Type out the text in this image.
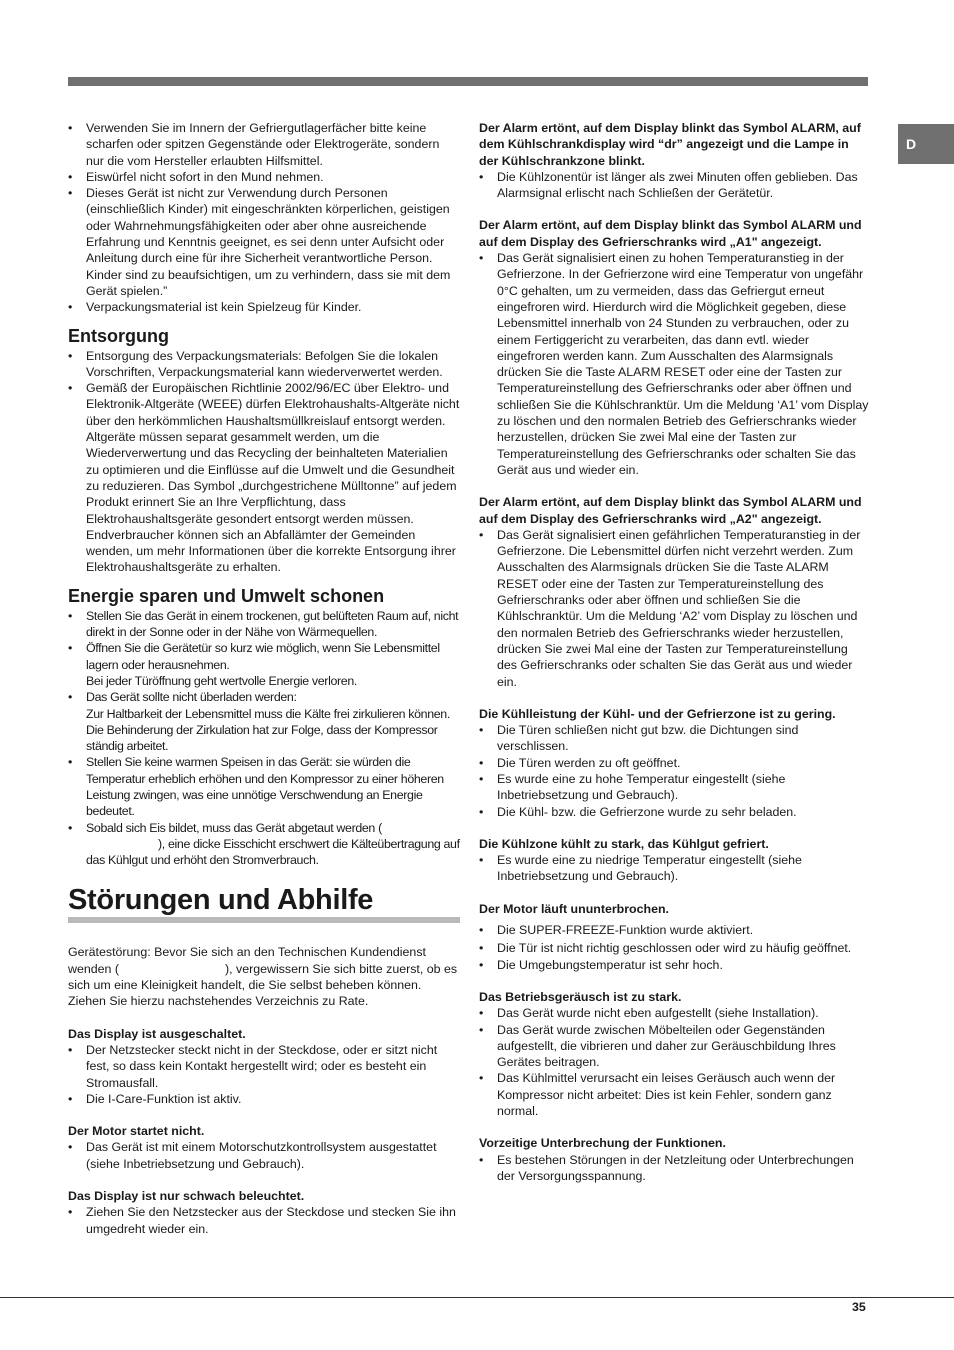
D
• Verwenden Sie im Innern der Gefriergutlagerfächer bitte keine scharfen oder spitzen Gegenstände oder Elektrogeräte, sondern nur die vom Hersteller erlaubten Hilfsmittel.
• Eiswürfel nicht sofort in den Mund nehmen.
• Dieses Gerät ist nicht zur Verwendung durch Personen (einschließlich Kinder) mit eingeschränkten körperlichen, geistigen oder Wahrnehmungsfähigkeiten oder aber ohne ausreichende Erfahrung und Kenntnis geeignet, es sei denn unter Aufsicht oder Anleitung durch eine für ihre Sicherheit verantwortliche Person. Kinder sind zu beaufsichtigen, um zu verhindern, dass sie mit dem Gerät spielen.”
• Verpackungsmaterial ist kein Spielzeug für Kinder.
Entsorgung
• Entsorgung des Verpackungsmaterials: Befolgen Sie die lokalen Vorschriften, Verpackungsmaterial kann wiederverwertet werden.
• Gemäß der Europäischen Richtlinie 2002/96/EC über Elektro- und Elektronik-Altgeräte (WEEE) dürfen Elektrohaushalts-Altgeräte nicht über den herkömmlichen Haushaltsmüllkreislauf entsorgt werden. Altgeräte müssen separat gesammelt werden, um die Wiederverwertung und das Recycling der beinhalteten Materialien zu optimieren und die Einflüsse auf die Umwelt und die Gesundheit zu reduzieren. Das Symbol „durchgestrichene Mülltonne” auf jedem Produkt erinnert Sie an Ihre Verpflichtung, dass Elektrohaushaltsgeräte gesondert entsorgt werden müssen.
Endverbraucher können sich an Abfallämter der Gemeinden wenden, um mehr Informationen über die korrekte Entsorgung ihrer Elektrohaushaltsgeräte zu erhalten.
Energie sparen und Umwelt schonen
• Stellen Sie das Gerät in einem trockenen, gut belüfteten Raum auf, nicht direkt in der Sonne oder in der Nähe von Wärmequellen.
• Öffnen Sie die Gerätetür so kurz wie möglich, wenn Sie Lebensmittel lagern oder herausnehmen.
Bei jeder Türöffnung geht wertvolle Energie verloren.
• Das Gerät sollte nicht überladen werden:
Zur Haltbarkeit der Lebensmittel muss die Kälte frei zirkulieren können. Die Behinderung der Zirkulation hat zur Folge, dass der Kompressor ständig arbeitet.
• Stellen Sie keine warmen Speisen in das Gerät: sie würden die Temperatur erheblich erhöhen und den Kompressor zu einer höheren Leistung zwingen, was eine unnötige Verschwendung an Energie bedeutet.
• Sobald sich Eis bildet, muss das Gerät abgetaut werden (
), eine dicke Eisschicht erschwert die Kälteübertragung auf das Kühlgut und erhöht den Stromverbrauch.
Störungen und Abhilfe

Gerätestörung: Bevor Sie sich an den Technischen Kundendienst wenden (	), vergewissern Sie sich bitte zuerst, ob es sich um eine Kleinigkeit handelt, die Sie selbst beheben können. Ziehen Sie hierzu nachstehendes Verzeichnis zu Rate.

Das Display ist ausgeschaltet.
• Der Netzstecker steckt nicht in der Steckdose, oder er sitzt nicht fest, so dass kein Kontakt hergestellt wird; oder es besteht ein Stromausfall.
• Die I-Care-Funktion ist aktiv.
Der Motor startet nicht.
• Das Gerät ist mit einem Motorschutzkontrollsystem ausgestattet (siehe Inbetriebsetzung und Gebrauch).
Das Display ist nur schwach beleuchtet.
• Ziehen Sie den Netzstecker aus der Steckdose und stecken Sie ihn umgedreht wieder ein.
Der Alarm ertönt, auf dem Display blinkt das Symbol ALARM, auf dem Kühlschrankdisplay wird “dr” angezeigt und die Lampe in der Kühlschrankzone blinkt.
• Die Kühlzonentür ist länger als zwei Minuten offen geblieben. Das Alarmsignal erlischt nach Schließen der Gerätetür.
Der Alarm ertönt, auf dem Display blinkt das Symbol ALARM und auf dem Display des Gefrierschranks wird „A1" angezeigt.
• Das Gerät signalisiert einen zu hohen Temperaturanstieg in der Gefrierzone. In der Gefrierzone wird eine Temperatur von ungefähr 0°C gehalten, um zu vermeiden, dass das Gefriergut erneut eingefroren wird. Hierdurch wird die Möglichkeit gegeben, diese Lebensmittel innerhalb von 24 Stunden zu verbrauchen, oder zu einem Fertiggericht zu verarbeiten, das dann evtl. wieder eingefroren werden kann. Zum Ausschalten des Alarmsignals drücken Sie die Taste ALARM RESET oder eine der Tasten zur Temperatureinstellung des Gefrierschranks oder aber öffnen und schließen Sie die Kühlschranktür. Um die Meldung ‘A1’ vom Display zu löschen und den normalen Betrieb des Gefrierschranks wieder herzustellen, drücken Sie zwei Mal eine der Tasten zur Temperatureinstellung des Gefrierschranks oder schalten Sie das Gerät aus und wieder ein.
Der Alarm ertönt, auf dem Display blinkt das Symbol ALARM und auf dem Display des Gefrierschranks wird „A2" angezeigt.
• Das Gerät signalisiert einen gefährlichen Temperaturanstieg in der Gefrierzone. Die Lebensmittel dürfen nicht verzehrt werden. Zum Ausschalten des Alarmsignals drücken Sie die Taste ALARM RESET oder eine der Tasten zur Temperatureinstellung des Gefrierschranks oder aber öffnen und schließen Sie die Kühlschranktür. Um die Meldung ‘A2’ vom Display zu löschen und den normalen Betrieb des Gefrierschranks wieder herzustellen, drücken Sie zwei Mal eine der Tasten zur Temperatureinstellung des Gefrierschranks oder schalten Sie das Gerät aus und wieder ein.
Die Kühlleistung der Kühl- und der Gefrierzone ist zu gering.
• Die Türen schließen nicht gut bzw. die Dichtungen sind verschlissen.
• Die Türen werden zu oft geöffnet.
• Es wurde eine zu hohe Temperatur eingestellt (siehe Inbetriebsetzung und Gebrauch).
• Die Kühl- bzw. die Gefrierzone wurde zu sehr beladen.
Die Kühlzone kühlt zu stark, das Kühlgut gefriert.
• Es wurde eine zu niedrige Temperatur eingestellt (siehe Inbetriebsetzung und Gebrauch).
Der Motor läuft ununterbrochen.
• Die SUPER-FREEZE-Funktion wurde aktiviert.
• Die Tür ist nicht richtig geschlossen oder wird zu häufig geöffnet.
• Die Umgebungstemperatur ist sehr hoch.
Das Betriebsgeräusch ist zu stark.
• Das Gerät wurde nicht eben aufgestellt (siehe Installation).
• Das Gerät wurde zwischen Möbelteilen oder Gegenständen aufgestellt, die vibrieren und daher zur Geräuschbildung Ihres Gerätes beitragen.
• Das Kühlmittel verursacht ein leises Geräusch auch wenn der Kompressor nicht arbeitet: Dies ist kein Fehler, sondern ganz normal.
Vorzeitige Unterbrechung der Funktionen.
• Es bestehen Störungen in der Netzleitung oder Unterbrechungen der Versorgungsspannung.
35
